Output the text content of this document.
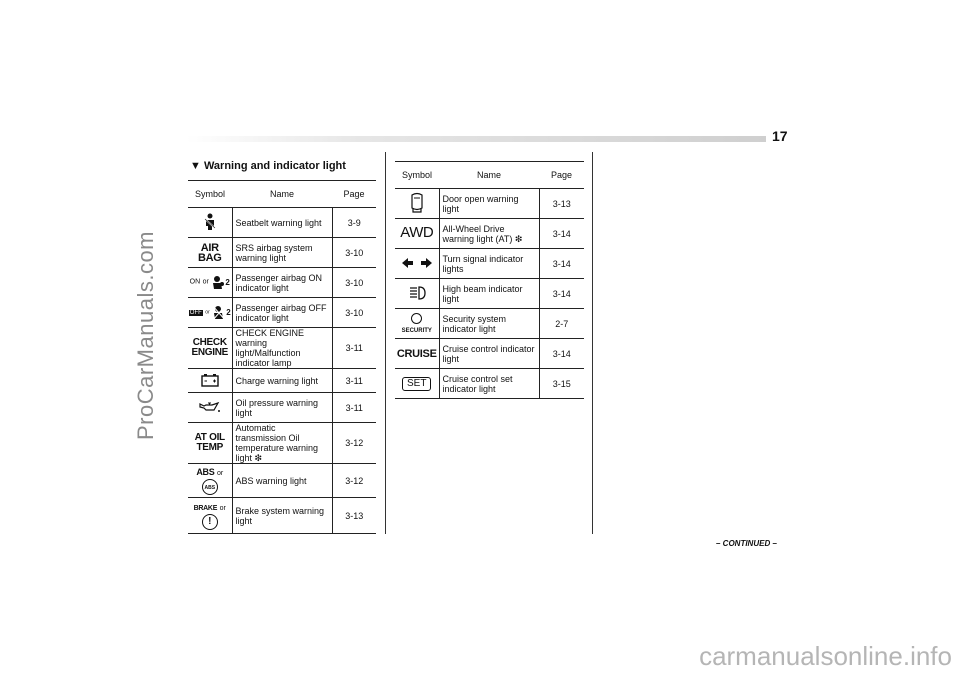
ProCarManuals.com
carmanualsonline.info
17
▼ Warning and indicator light
Symbol	Name	Page
	Seatbelt warning light	3-9
AIR BAG	SRS airbag system warning light	3-10
ON or 2	Passenger airbag ON indicator light	3-10
OFF or 2	Passenger airbag OFF indicator light	3-10
CHECK
ENGINE	CHECK ENGINE warning light/Malfunction indicator lamp	3-11
	Charge warning light	3-11
	Oil pressure warning light	3-11
AT OIL
TEMP	Automatic transmission Oil temperature warning light ❇	3-12

ABS or
ABS	ABS warning light	3-12

BRAKE or
!	Brake system warning light	3-13
Symbol	Name	Page
	Door open warning light	3-13
AWD	All-Wheel Drive warning light (AT) ❇	3-14
	Turn signal indicator lights	3-14
	High beam indicator light	3-14

SECURITY	Security system indicator light	2-7
CRUISE	Cruise control indicator light	3-14
SET	Cruise control set indicator light	3-15
– CONTINUED –
